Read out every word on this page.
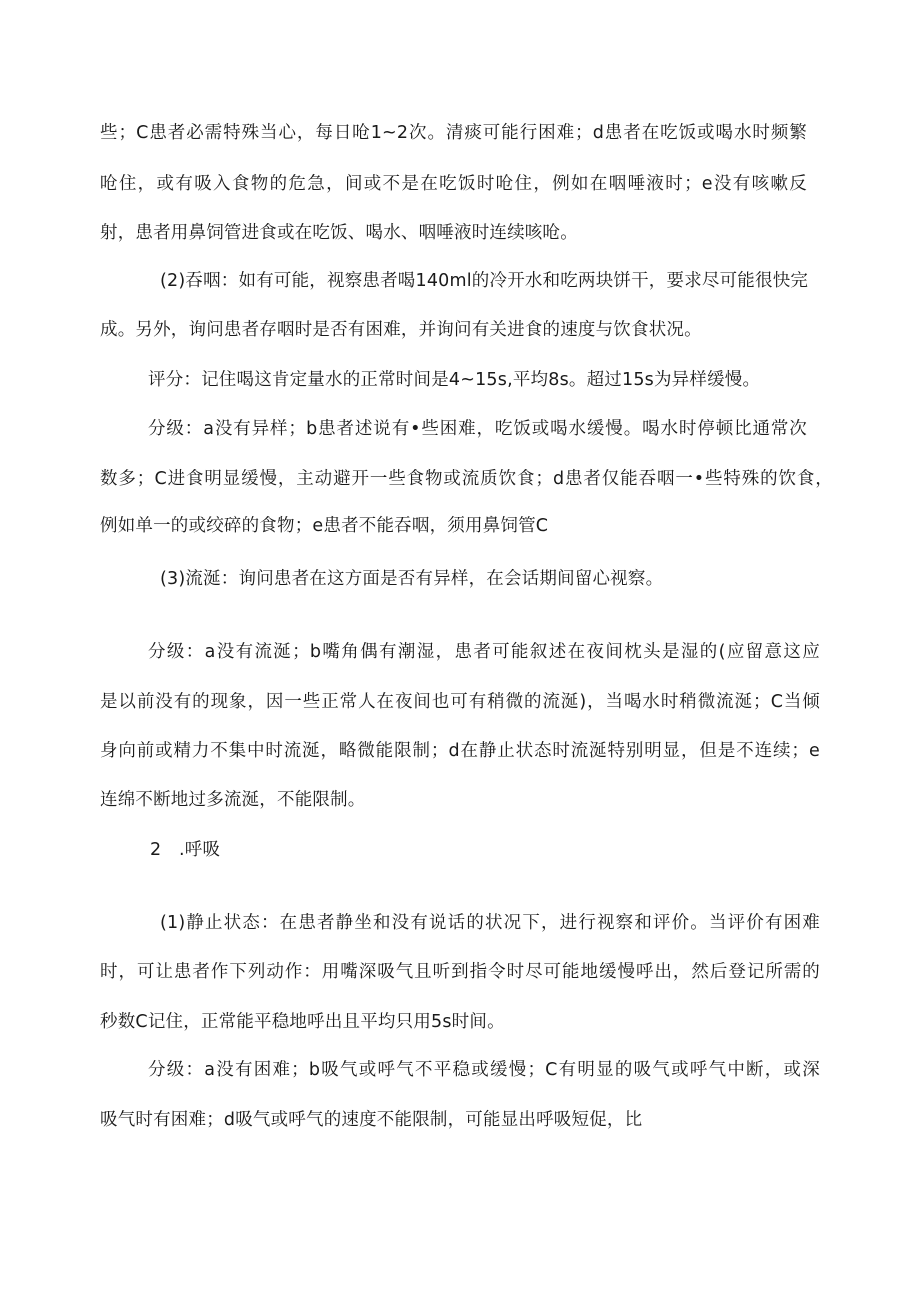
些；C患者必需特殊当心，每日呛1~2次。清痰可能行困难；d患者在吃饭或喝水时频繁
呛住，或有吸入食物的危急，间或不是在吃饭时呛住，例如在咽唾液时；e没有咳嗽反
射，患者用鼻饲管进食或在吃饭、喝水、咽唾液时连续咳呛。
(2)吞咽：如有可能，视察患者喝140ml的冷开水和吃两块饼干，要求尽可能很快完
成。另外，询问患者存咽时是否有困难，并询问有关进食的速度与饮食状况。
评分：记住喝这肯定量水的正常时间是4~15s,平均8s。超过15s为异样缓慢。
分级：a没有异样；b患者述说有•些困难，吃饭或喝水缓慢。喝水时停顿比通常次
数多；C进食明显缓慢，主动避开一些食物或流质饮食；d患者仅能吞咽一•些特殊的饮食，
例如单一的或绞碎的食物；e患者不能吞咽，须用鼻饲管C
(3)流涎：询问患者在这方面是否有异样，在会话期间留心视察。
分级：a没有流涎；b嘴角偶有潮湿，患者可能叙述在夜间枕头是湿的(应留意这应
是以前没有的现象，因一些正常人在夜间也可有稍微的流涎)，当喝水时稍微流涎；C当倾
身向前或精力不集中时流涎，略微能限制；d在静止状态时流涎特别明显，但是不连续；e
连绵不断地过多流涎，不能限制。
2　.呼吸
(1)静止状态：在患者静坐和没有说话的状况下，进行视察和评价。当评价有困难
时，可让患者作下列动作：用嘴深吸气且听到指令时尽可能地缓慢呼出，然后登记所需的
秒数C记住，正常能平稳地呼出且平均只用5s时间。
分级：a没有困难；b吸气或呼气不平稳或缓慢；C有明显的吸气或呼气中断，或深
吸气时有困难；d吸气或呼气的速度不能限制，可能显出呼吸短促，比
